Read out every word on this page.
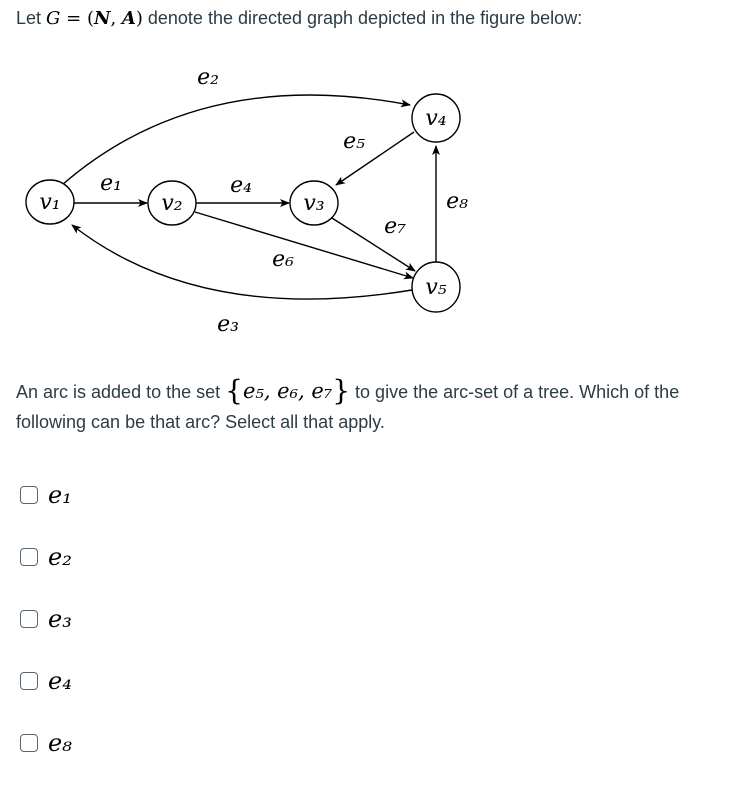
Let G = (N, A) denote the directed graph depicted in the figure below:
v₁	v₂	v₃
v₄
v₅
e₁
e₂
e₃
e₄
e₅
e₆
e₇
e₈
An arc is added to the set {e₅, e₆, e₇} to give the arc-set of a tree. Which of the following can be that arc? Select all that apply.
e₁
e₂
e₃
e₄
e₈
